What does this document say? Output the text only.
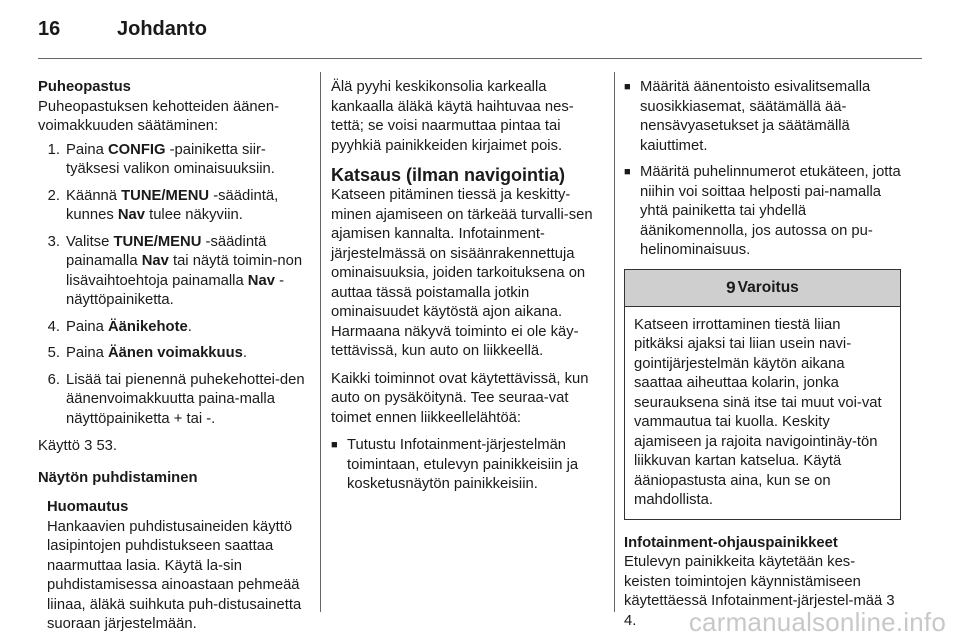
16	Johdanto
Puheopastus

Puheopastuksen kehotteiden äänen-voimakkuuden säätäminen:

1. Paina CONFIG -painiketta siir-tyäksesi valikon ominaisuuksiin.
2. Käännä TUNE/MENU -säädintä, kunnes Nav tulee näkyviin.
3. Valitse TUNE/MENU -säädintä painamalla Nav tai näytä toimin-non lisävaihtoehtoja painamalla Nav -näyttöpainiketta.
4. Paina Äänikehote.
5. Paina Äänen voimakkuus.
6. Lisää tai pienennä puhekehottei-den äänenvoimakkuutta paina-malla näyttöpainiketta + tai -.

Käyttö 3 53.

Näytön puhdistaminen
Huomautus

Hankaavien puhdistusaineiden käyttö lasipintojen puhdistukseen saattaa naarmuttaa lasia. Käytä la-sin puhdistamisessa ainoastaan pehmeää liinaa, äläkä suihkuta puh-distusainetta suoraan järjestelmään.

Älä pyyhi keskikonsolia karkealla kankaalla äläkä käytä haihtuvaa nes-tettä; se voisi naarmuttaa pintaa tai pyyhkiä painikkeiden kirjaimet pois.

Katsaus (ilman navigointia)

Katseen pitäminen tiessä ja keskitty-minen ajamiseen on tärkeää turvalli-sen ajamisen kannalta. Infotainment-järjestelmässä on sisäänrakennettuja ominaisuuksia, joiden tarkoituksena on auttaa tässä poistamalla jotkin ominaisuudet käytöstä ajon aikana. Harmaana näkyvä toiminto ei ole käy-tettävissä, kun auto on liikkeellä.

Kaikki toiminnot ovat käytettävissä, kun auto on pysäköitynä. Tee seuraa-vat toimet ennen liikkeellelähtöä:

■ Tutustu Infotainment-järjestelmän toimintaan, etulevyn painikkeisiin ja kosketusnäytön painikkeisiin.
■ Määritä äänentoisto esivalitsemalla suosikkiasemat, säätämällä ää-nensävyasetukset ja säätämällä kaiuttimet.
■ Määritä puhelinnumerot etukäteen, jotta niihin voi soittaa helposti pai-namalla yhtä painiketta tai yhdellä äänikomennolla, jos autossa on pu-helinominaisuus.
9 Varoitus
Katseen irrottaminen tiestä liian pitkäksi ajaksi tai liian usein navi-gointijärjestelmän käytön aikana saattaa aiheuttaa kolarin, jonka seurauksena sinä itse tai muut voi-vat vammautua tai kuolla. Keskity ajamiseen ja rajoita navigointinäy-tön liikkuvan kartan katselua. Käytä ääniopastusta aina, kun se on mahdollista.
Infotainment-ohjauspainikkeet

Etulevyn painikkeita käytetään kes-keisten toimintojen käynnistämiseen käytettäessä Infotainment-järjestel-mää 3 4.	carmanualsonline.info
